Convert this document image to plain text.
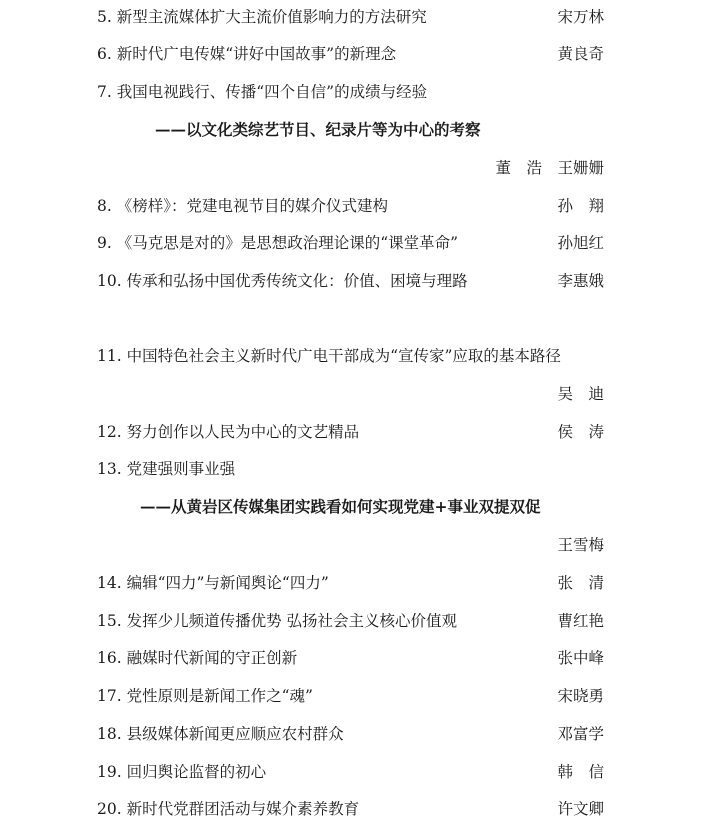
5. 新型主流媒体扩大主流价值影响力的方法研究	宋万林
6. 新时代广电传媒“讲好中国故事”的新理念	黄良奇
7. 我国电视践行、传播“四个自信”的成绩与经验
——以文化类综艺节目、纪录片等为中心的考察
董　浩　王姗姗
8. 《榜样》：党建电视节目的媒介仪式建构	孙　翔
9. 《马克思是对的》是思想政治理论课的“课堂革命”	孙旭红
10. 传承和弘扬中国优秀传统文化：价值、困境与理路	李惠娥
11. 中国特色社会主义新时代广电干部成为“宣传家”应取的基本路径
吴　迪
12. 努力创作以人民为中心的文艺精品	侯　涛
13. 党建强则事业强
——从黄岩区传媒集团实践看如何实现党建+事业双提双促
王雪梅
14. 编辑“四力”与新闻舆论“四力”	张　清
15. 发挥少儿频道传播优势 弘扬社会主义核心价值观	曹红艳
16. 融媒时代新闻的守正创新	张中峰
17. 党性原则是新闻工作之“魂”	宋晓勇
18. 县级媒体新闻更应顺应农村群众	邓富学
19. 回归舆论监督的初心	韩　信
20. 新时代党群团活动与媒介素养教育	许文卿
